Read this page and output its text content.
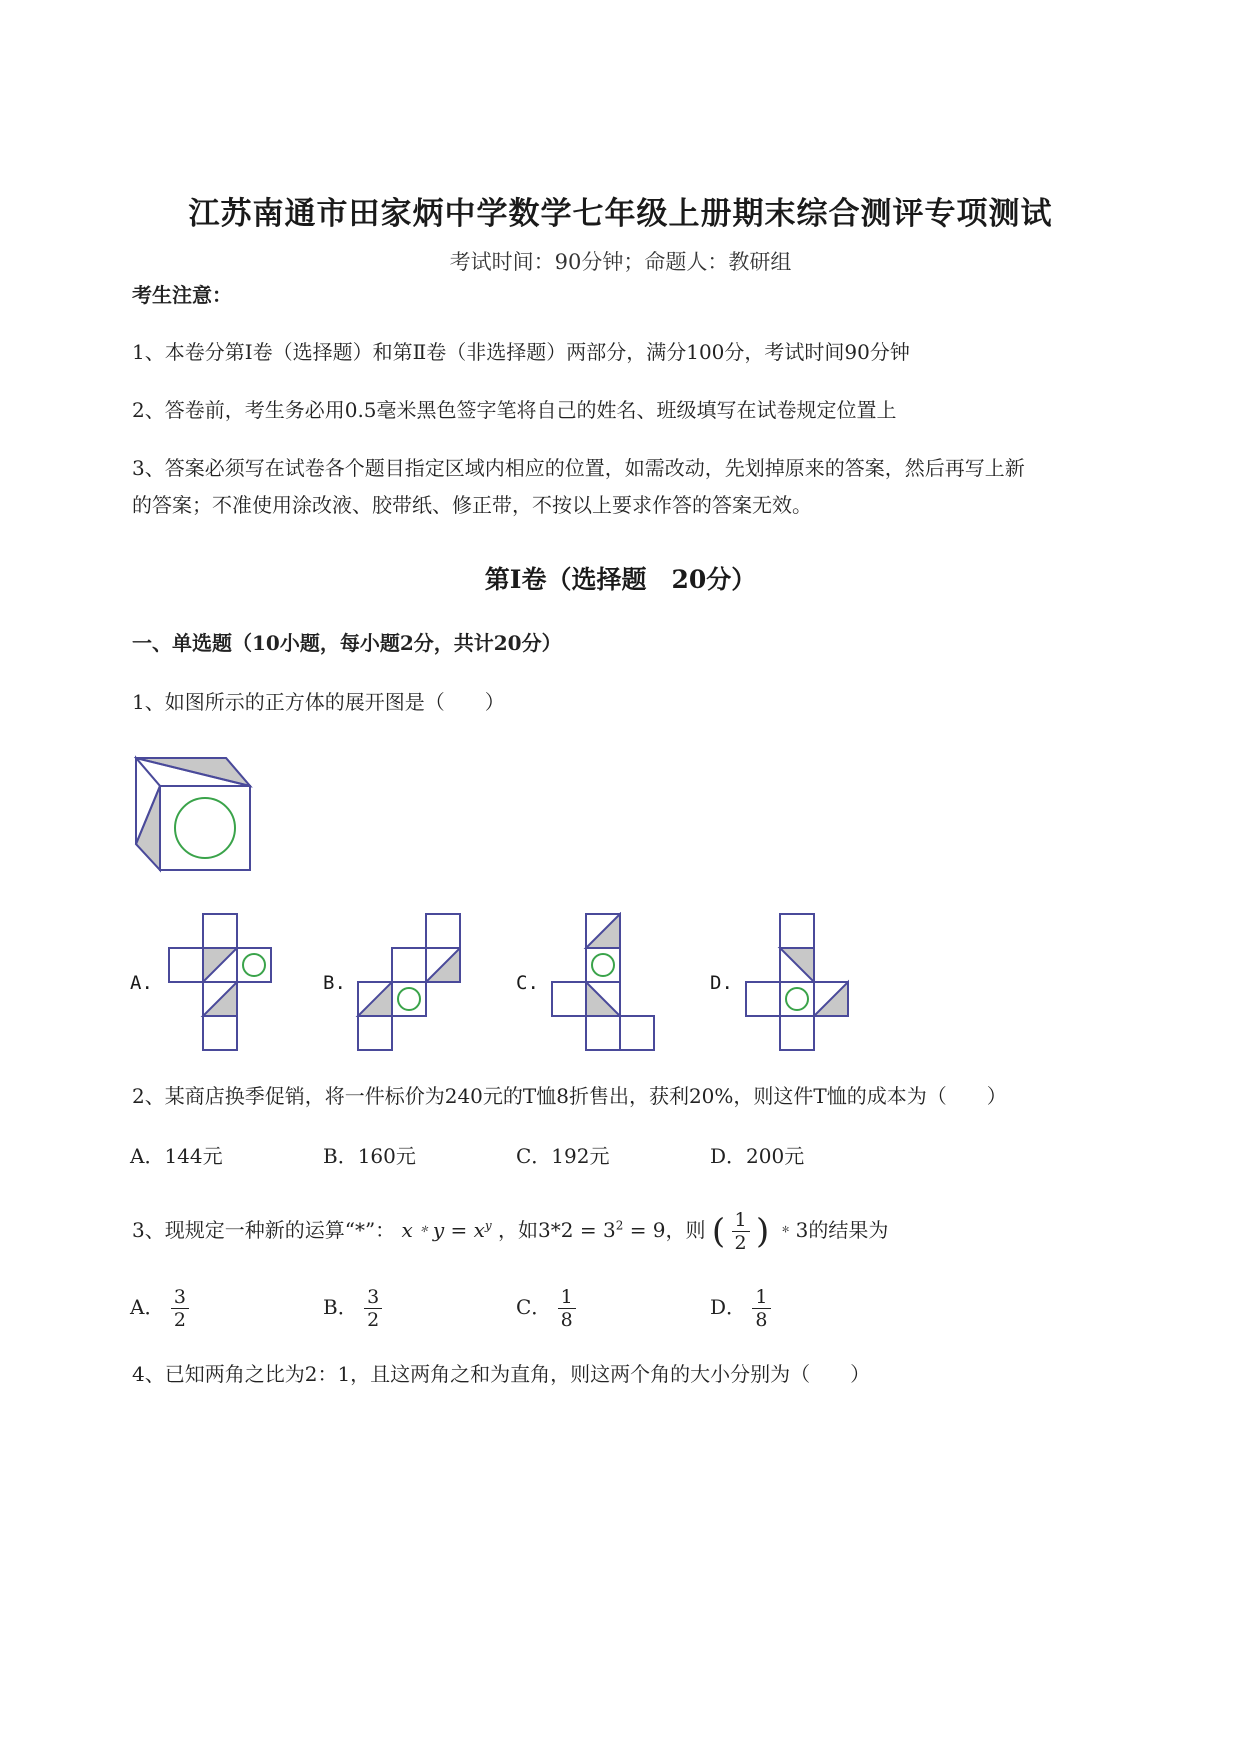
江苏南通市田家炳中学数学七年级上册期末综合测评专项测试
考试时间：90分钟；命题人：教研组
考生注意：
1、本卷分第I卷（选择题）和第Ⅱ卷（非选择题）两部分，满分100分，考试时间90分钟
2、答卷前，考生务必用0.5毫米黑色签字笔将自己的姓名、班级填写在试卷规定位置上
3、答案必须写在试卷各个题目指定区域内相应的位置，如需改动，先划掉原来的答案，然后再写上新
的答案；不准使用涂改液、胶带纸、修正带，不按以上要求作答的答案无效。
第I卷（选择题　20分）
一、单选题（10小题，每小题2分，共计20分）
1、如图所示的正方体的展开图是（　　）
A.	B.	C.	D.
2、某商店换季促销，将一件标价为240元的T恤8折售出，获利20%，则这件T恤的成本为（　　）
A．144元	B．160元	C．192元	D．200元
3、现规定一种新的运算“*”： x﹡y = $x^y$ ，如$3*2 = 3^2 = 9$，则 ( $\frac{1}{2}$ ) ﹡3的结果为
A． $\frac{3}{2}$	B． $\frac{3}{2}$	C． $\frac{1}{8}$	D． $\frac{1}{8}$
4、已知两角之比为2：1，且这两角之和为直角，则这两个角的大小分别为（　　）
